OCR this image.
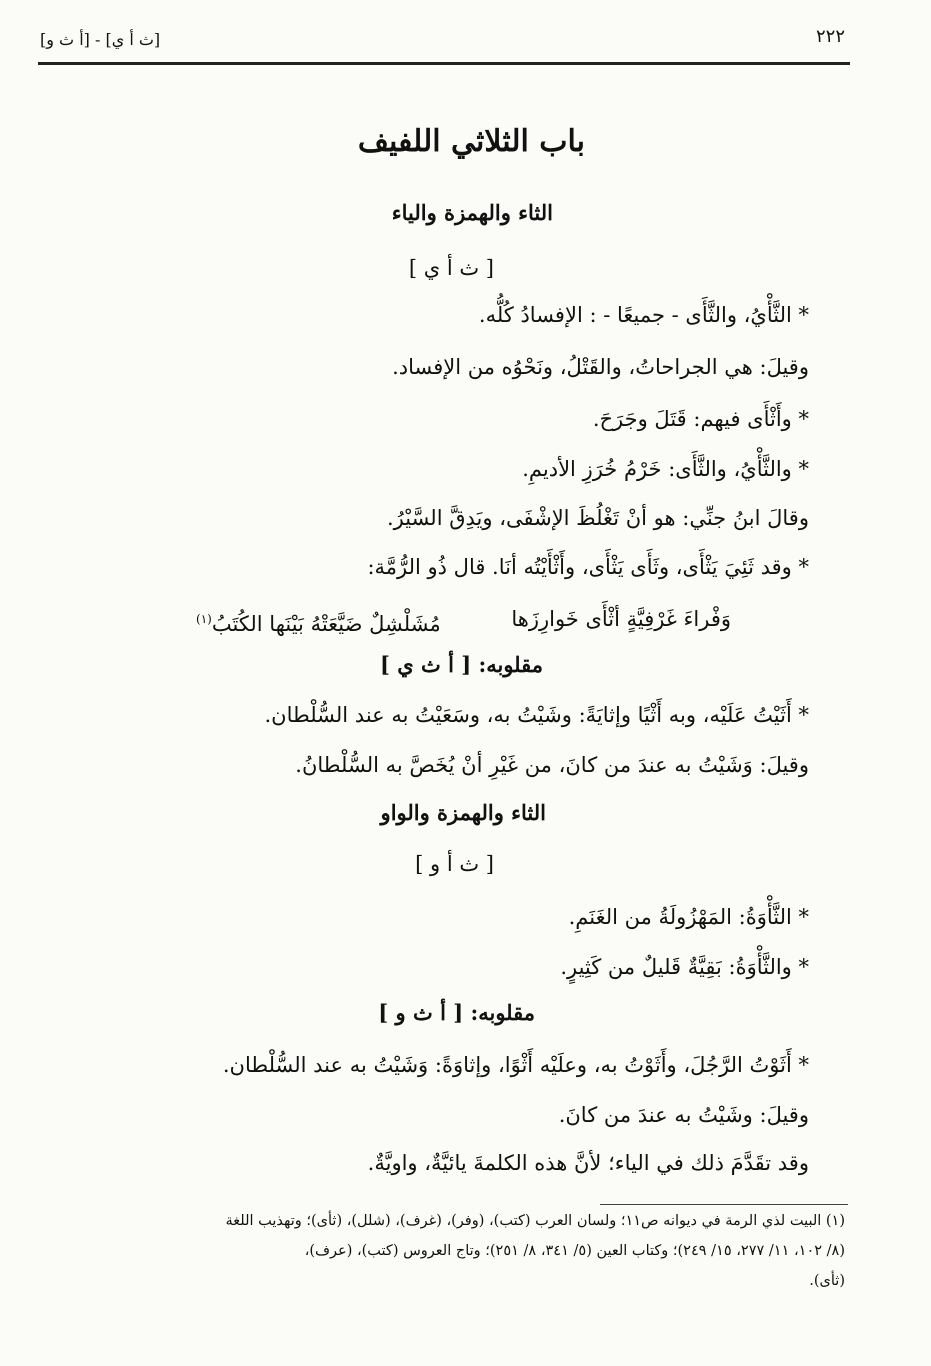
٢٢٢
[ث أ ي] - [أ ث و]
باب الثلاثي اللفيف
الثاء والهمزة والياء
[ ث أ ي ]
* الثَّأْيُ، والثَّأَى - جميعًا - : الإفسادُ كُلُّه.
وقيلَ: هي الجراحاتُ، والقَتْلُ، ونَحْوُه من الإفساد.
* وأَثْأَى فيهم: قَتَلَ وجَرَحَ.
* والثَّأْيُ، والثَّأَى: خَرْمُ خُرَزِ الأديمِ.
وقالَ ابنُ جنِّي: هو أنْ تَغْلُظَ الإشْفَى، ويَدِقَّ السَّيْرُ.
* وقد ثَئِيَ يَثْأَى، وثَأَى يَثْأَى، وأَثْأَيْتُه أنَا. قال ذُو الرُّمَّة:
وَفْراءَ غَرْفِيَّةٍ أثْأَى خَوارِزَها
مُشَلْشِلٌ ضَيَّعَتْهُ بَيْنَها الكُتَبُ$^{(١)}$
مقلوبه: [ أ ث ي ]
* أَثَيْتُ عَلَيْه، وبه أَثْيًا وإثايَةً: وشَيْتُ به، وسَعَيْتُ به عند السُّلْطان.
وقيلَ: وَشَيْتُ به عندَ من كانَ، من غَيْرِ أنْ يُخَصَّ به السُّلْطانُ.
الثاء والهمزة والواو
[ ث أ و ]
* الثَّأْوَةُ: المَهْزُولَةُ من الغَنَمِ.
* والثَّأْوَةُ: بَقِيَّةٌ قَليلٌ من كَثِيرٍ.
مقلوبه: [ أ ث و ]
* أَثَوْتُ الرَّجُلَ، وأَثَوْتُ به، وعلَيْه أَثْوًا، وإثاوَةً: وَشَيْتُ به عند السُّلْطان.
وقيلَ: وشَيْتُ به عندَ من كانَ.
وقد تقَدَّمَ ذلك في الياء؛ لأنَّ هذه الكلمةَ يائيَّةٌ، واويَّةٌ.
(١) البيت لذي الرمة في ديوانه ص١١؛ ولسان العرب (كتب)، (وفر)، (غرف)، (شلل)، (ثأى)؛ وتهذيب اللغة
(٨/ ١٠٢، ١١/ ٢٧٧، ١٥/ ٢٤٩)؛ وكتاب العين (٥/ ٣٤١، ٨/ ٢٥١)؛ وتاج العروس (كتب)، (عرف)،
(ثأى).
